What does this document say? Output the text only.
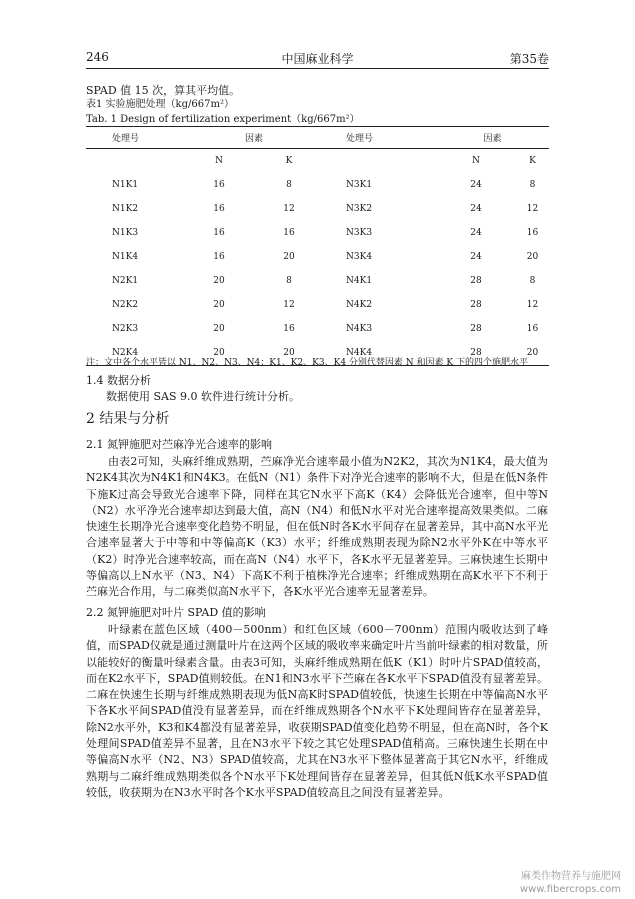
246	中国麻业科学	第35卷
SPAD 值 15 次，算其平均值。
表1 实验施肥处理（kg/667m²）
Tab. 1 Design of fertilization experiment（kg/667m²）
处理号	因素		处理号	因素	
	N	K		N	K
N1K1	16	8	N3K1	24	8
N1K2	16	12	N3K2	24	12
N1K3	16	16	N3K3	24	16
N1K4	16	20	N3K4	24	20
N2K1	20	8	N4K1	28	8
N2K2	20	12	N4K2	28	12
N2K3	20	16	N4K3	28	16
N2K4	20	20	N4K4	28	20
注：文中各个水平皆以 N1、N2、N3、N4；K1、K2、K3、K4 分别代替因素 N 和因素 K 下的四个施肥水平
1.4 数据分析
数据使用 SAS 9.0 软件进行统计分析。
2 结果与分析
2.1 氮钾施肥对苎麻净光合速率的影响
由表2可知，头麻纤维成熟期，苎麻净光合速率最小值为N2K2，其次为N1K4，最大值为N2K4其次为N4K1和N4K3。在低N（N1）条件下对净光合速率的影响不大，但是在低N条件下施K过高会导致光合速率下降，同样在其它N水平下高K（K4）会降低光合速率，但中等N（N2）水平净光合速率却达到最大值，高N（N4）和低N水平对光合速率提高效果类似。二麻快速生长期净光合速率变化趋势不明显，但在低N时各K水平间存在显著差异，其中高N水平光合速率显著大于中等和中等偏高K（K3）水平；纤维成熟期表现为除N2水平外K在中等水平（K2）时净光合速率较高，而在高N（N4）水平下，各K水平无显著差异。三麻快速生长期中等偏高以上N水平（N3、N4）下高K不利于植株净光合速率；纤维成熟期在高K水平下不利于苎麻光合作用，与二麻类似高N水平下，各K水平光合速率无显著差异。
2.2 氮钾施肥对叶片 SPAD 值的影响
叶绿素在蓝色区域（400－500nm）和红色区域（600－700nm）范围内吸收达到了峰值，而SPAD仪就是通过测量叶片在这两个区域的吸收率来确定叶片当前叶绿素的相对数量，所以能较好的衡量叶绿素含量。由表3可知，头麻纤维成熟期在低K（K1）时叶片SPAD值较高，而在K2水平下，SPAD值则较低。在N1和N3水平下苎麻在各K水平下SPAD值没有显著差异。二麻在快速生长期与纤维成熟期表现为低N高K时SPAD值较低，快速生长期在中等偏高N水平下各K水平间SPAD值没有显著差异，而在纤维成熟期各个N水平下K处理间皆存在显著差异，除N2水平外，K3和K4都没有显著差异，收获期SPAD值变化趋势不明显，但在高N时，各个K处理间SPAD值差异不显著，且在N3水平下较之其它处理SPAD值稍高。三麻快速生长期在中等偏高N水平（N2、N3）SPAD值较高，尤其在N3水平下整体显著高于其它N水平，纤维成熟期与二麻纤维成熟期类似各个N水平下K处理间皆存在显著差异，但其低N低K水平SPAD值较低，收获期为在N3水平时各个K水平SPAD值较高且之间没有显著差异。
麻类作物营养与施肥网
www.fibercrops.com
